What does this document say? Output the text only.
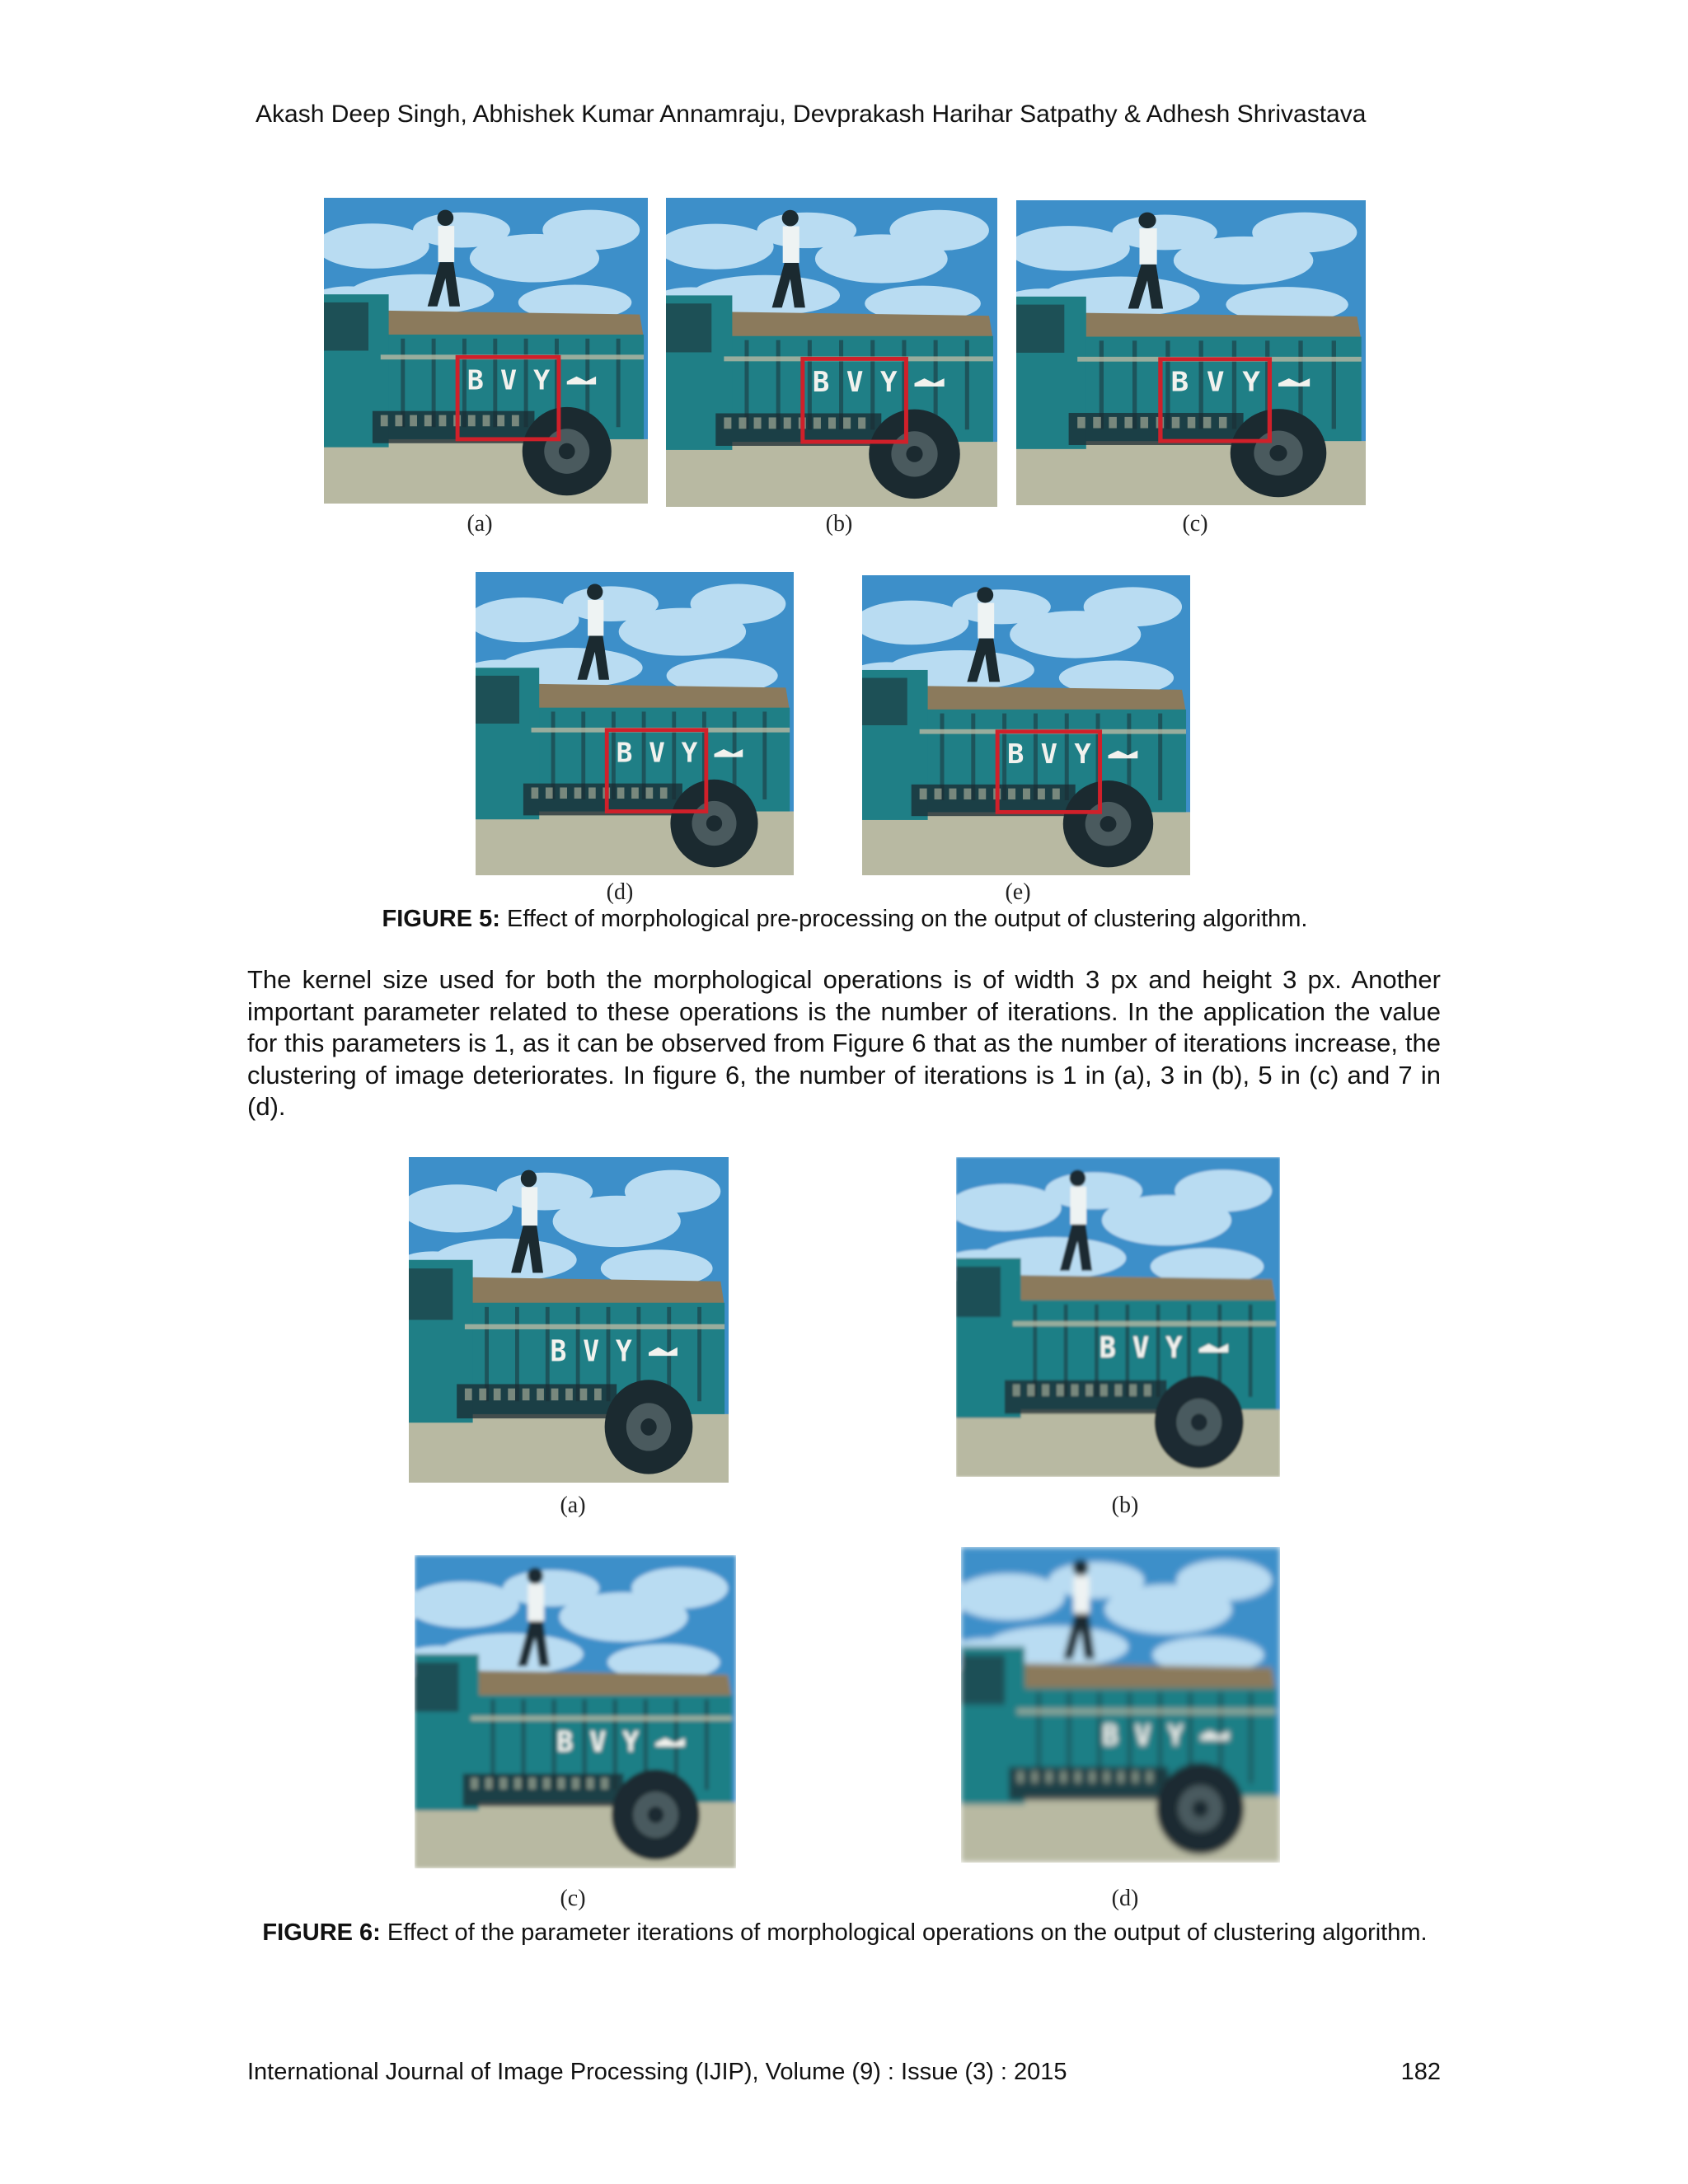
Akash Deep Singh, Abhishek Kumar Annamraju, Devprakash Harihar Satpathy & Adhesh Shrivastava
B V Y
(a)
B V Y
(b)
B V Y
(c)
B V Y
(d)
B V Y
(e)
FIGURE 5: Effect of morphological pre-processing on the output of clustering algorithm.
The kernel size used for both the morphological operations is of width 3 px and height 3 px. Another important parameter related to these operations is the number of iterations. In the application the value for this parameters is 1, as it can be observed from Figure 6 that as the number of iterations increase, the clustering of image deteriorates. In figure 6, the number of iterations is 1 in (a), 3 in (b), 5 in (c) and 7 in (d).
B V Y
(a)
B V Y
(b)
B V Y
(c)
B V Y
(d)
FIGURE 6: Effect of the parameter iterations of morphological operations on the output of clustering algorithm.
International Journal of Image Processing (IJIP), Volume (9) : Issue (3) : 2015	182
